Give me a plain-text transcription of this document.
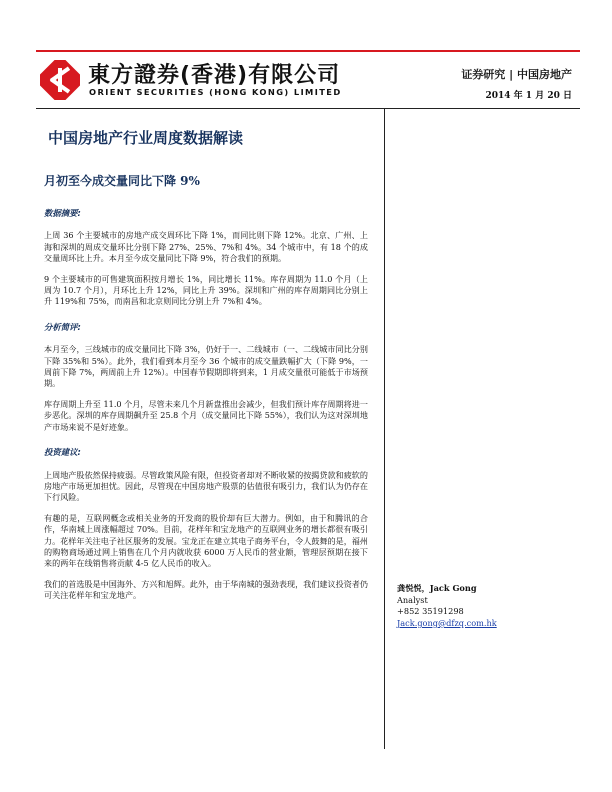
東方證券(香港)有限公司
ORIENT SECURITIES (HONG KONG) LIMITED
证券研究 | 中国房地产
2014 年 1 月 20 日
中国房地产行业周度数据解读
月初至今成交量同比下降 9%
数据摘要:

上周 36 个主要城市的房地产成交周环比下降 1%，而同比则下降 12%。北京、广州、上海和深圳的周成交量环比分别下降 27%、25%、7%和 4%。34 个城市中，有 18 个的成交量周环比上升。本月至今成交量同比下降 9%，符合我们的预期。

9 个主要城市的可售建筑面积按月增长 1%，同比增长 11%。库存周期为 11.0 个月（上周为 10.7 个月），月环比上升 12%，同比上升 39%。深圳和广州的库存周期同比分别上升 119%和 75%，而南昌和北京则同比分别上升 7%和 4%。

分析简评:

本月至今，三线城市的成交量同比下降 3%，仍好于一、二线城市（一、二线城市同比分别下降 35%和 5%）。此外，我们看到本月至今 36 个城市的成交量跌幅扩大（下降 9%，一周前下降 7%，两周前上升 12%）。中国春节假期即将到来，1 月成交量很可能低于市场预期。

库存周期上升至 11.0 个月，尽管未来几个月新盘推出会减少，但我们预计库存周期将进一步恶化。深圳的库存周期飙升至 25.8 个月（成交量同比下降 55%），我们认为这对深圳地产市场来说不是好迹象。

投资建议:

上周地产股依然保持疲弱。尽管政策风险有限，但投资者却对不断收紧的按揭贷款和疲软的房地产市场更加担忧。因此，尽管现在中国房地产股票的估值很有吸引力，我们认为仍存在下行风险。

有趣的是，互联网概念或相关业务的开发商的股价却有巨大潜力。例如，由于和腾讯的合作，华南城上周涨幅超过 70%。目前，花样年和宝龙地产的互联网业务的增长都很有吸引力。花样年关注电子社区服务的发展。宝龙正在建立其电子商务平台，令人鼓舞的是，福州的购物商场通过网上销售在几个月内就收获 6000 万人民币的营业额，管理层预期在接下来的两年在线销售将贡献 4-5 亿人民币的收入。

我们的首选股是中国海外、方兴和旭辉。此外，由于华南城的强劲表现，我们建议投资者仍可关注花样年和宝龙地产。

龚悦悦，Jack Gong
Analyst
+852 35191298
Jack.gong@dfzq.com.hk
